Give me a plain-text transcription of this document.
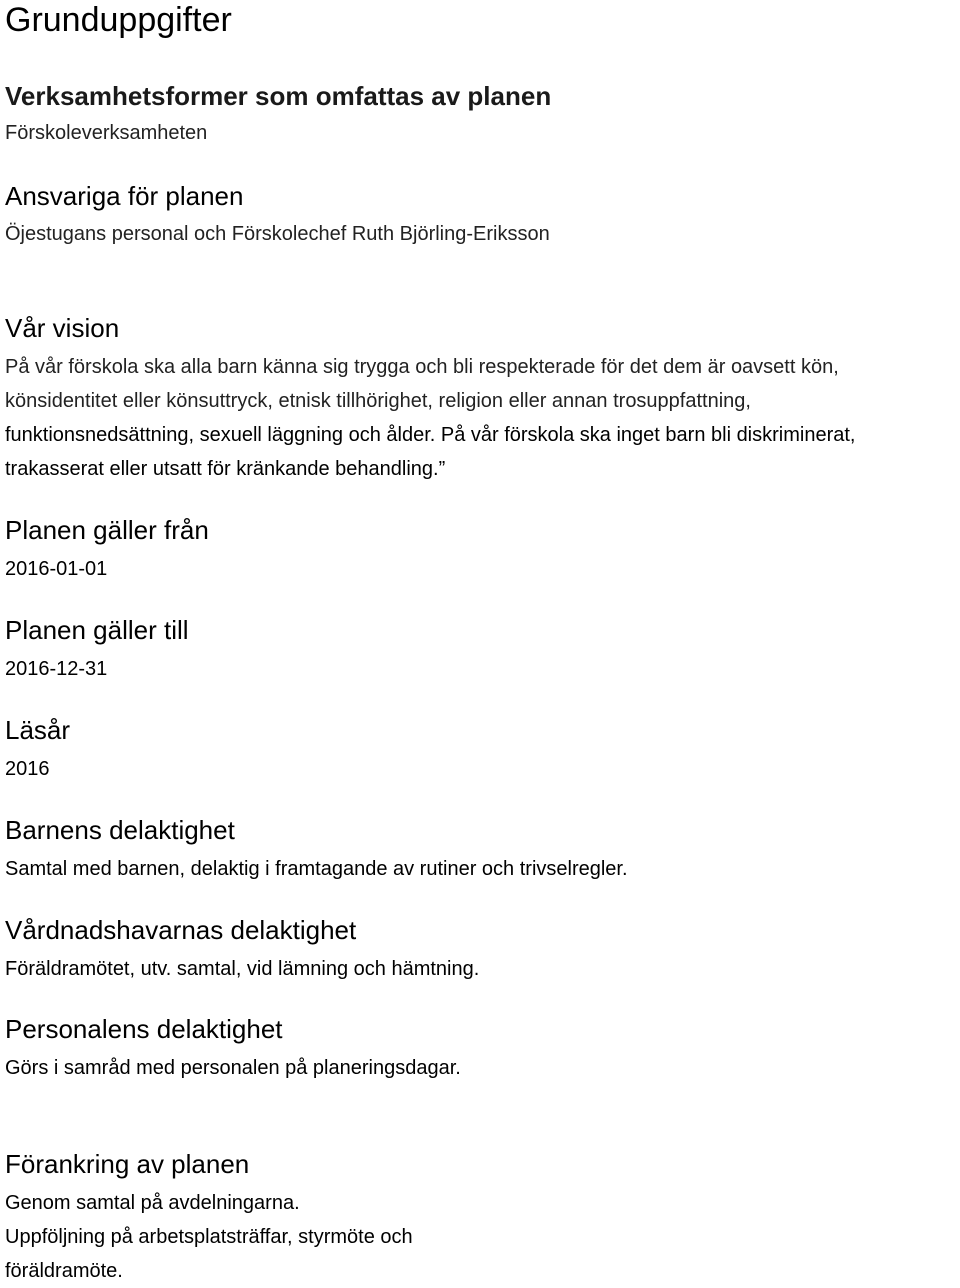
Grunduppgifter
Verksamhetsformer som omfattas av planen
Förskoleverksamheten
Ansvariga för planen
Öjestugans personal och Förskolechef Ruth Björling-Eriksson
Vår vision
På vår förskola ska alla barn känna sig trygga och bli respekterade för det dem är oavsett kön,
könsidentitet eller könsuttryck, etnisk tillhörighet, religion eller annan trosuppfattning,
funktionsnedsättning, sexuell läggning och ålder. På vår förskola ska inget barn bli diskriminerat,
trakasserat eller utsatt för kränkande behandling.”
Planen gäller från
2016-01-01
Planen gäller till
2016-12-31
Läsår
2016
Barnens delaktighet
Samtal med barnen, delaktig i framtagande av rutiner och trivselregler.
Vårdnadshavarnas delaktighet
Föräldramötet, utv. samtal, vid lämning och hämtning.
Personalens delaktighet
Görs i samråd med personalen på planeringsdagar.
Förankring av planen
Genom samtal på avdelningarna.
Uppföljning på arbetsplatsträffar, styrmöte och
föräldramöte.
